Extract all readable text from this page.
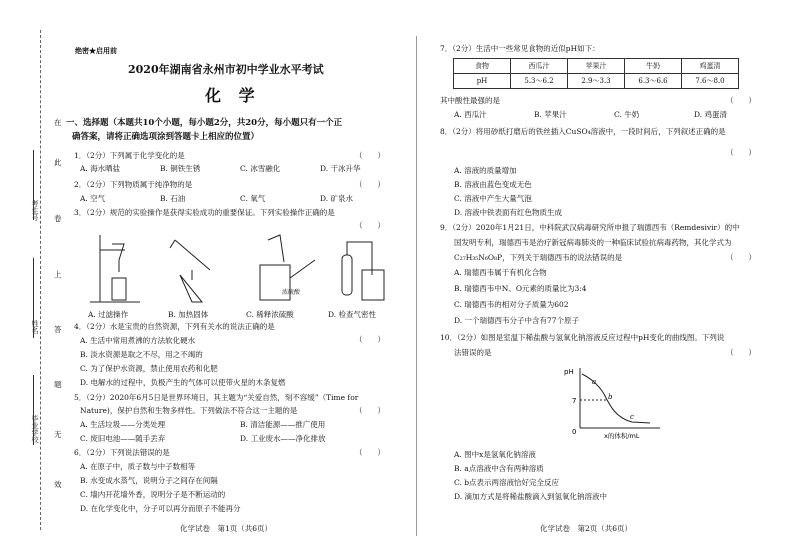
考生号
姓名
毕业学校
在
此
卷
上
答
题
无
效
绝密★启用前
2020年湖南省永州市初中学业水平考试
化 学
一、选择题（本题共10个小题，每小题2分，共20分，每小题只有一个正
确答案，请将正确选项涂到答题卡上相应的位置）
1．（2分）下列属于化学变化的是	（　　）
A. 海水晒盐	B. 铜铁生锈	C. 冰雪融化	D. 干冰升华
2．（2分）下列物质属于纯净物的是	（　　）
A. 空气	B. 石油	C. 氧气	D. 矿泉水
3．（2分）规范的实验操作是获得实验成功的重要保证。下列实验操作正确的是
（　　）
浓硫酸
A. 过滤操作	B. 加热固体	C. 稀释浓硫酸	D. 检查气密性
4．（2分）水是宝贵的自然资源，下列有关水的说法正确的是
（　　）
A. 生活中常用煮沸的方法软化硬水
B. 淡水资源是取之不尽，用之不竭的
C. 为了保护水资源，禁止使用农药和化肥
D. 电解水的过程中，负极产生的气体可以使带火星的木条复燃
5．（2分）2020年6月5日是世界环境日，其主题为“关爱自然，刻不容缓”（Time for
Nature)，保护自然和生物多样性。下列做法不符合这一主题的是	（　　）
A. 生活垃圾——分类处理	B. 清洁能源——推广使用
C. 废旧电池——随手丢弃	D. 工业废水——净化排放
6．（2分）下列说法错误的是	（　　）
A. 在原子中，质子数与中子数相等
B. 水变成水蒸气，说明分子之间存在间隔
C. 墙内开花墙外香，说明分子是不断运动的
D. 在化学变化中，分子可以再分而原子不能再分
化学试卷　第1页（共6页）
7．（2分）生活中一些常见食物的近似pH如下：
食物	西瓜汁	苹果汁	牛奶	鸡蛋清
pH	5.3～6.2	2.9～3.3	6.3～6.6	7.6～8.0
其中酸性最强的是	（　　）
A. 西瓜汁	B. 苹果汁	C. 牛奶	D. 鸡蛋清
8．（2分）将用砂纸打磨后的铁丝插入CuSO₄溶液中，一段时间后，下列叙述正确的是
（　　）
A. 溶液的质量增加
B. 溶液由蓝色变成无色
C. 溶液中产生大量气泡
D. 溶液中铁表面有红色物质生成
9．（2分）2020年1月21日，中科院武汉病毒研究所申报了瑞德西韦（Remdesivir）的中
国发明专利，瑞德西韦是治疗新冠病毒肺炎的一种临床试验抗病毒药物，其化学式为
C₂₇H₃₅N₆O₈P，下列关于瑞德西韦的说法错误的是	（　　）
A. 瑞德西韦属于有机化合物
B. 瑞德西韦中N、O元素的质量比为3:4
C. 瑞德西韦的相对分子质量为602
D. 一个瑞德西韦分子中含有77个原子
10．（2分）如图是室温下稀盐酸与氢氧化钠溶液反应过程中pH变化的曲线图。下列说
法错误的是	（　　）
pH
7
0
a
b
c
x的体积/mL
A. 图中x是氢氧化钠溶液
B. a点溶液中含有两种溶质
C. b点表示两溶液恰好完全反应
D. 滴加方式是将稀盐酸滴入到氢氧化钠溶液中
化学试卷　第2页（共6页）
